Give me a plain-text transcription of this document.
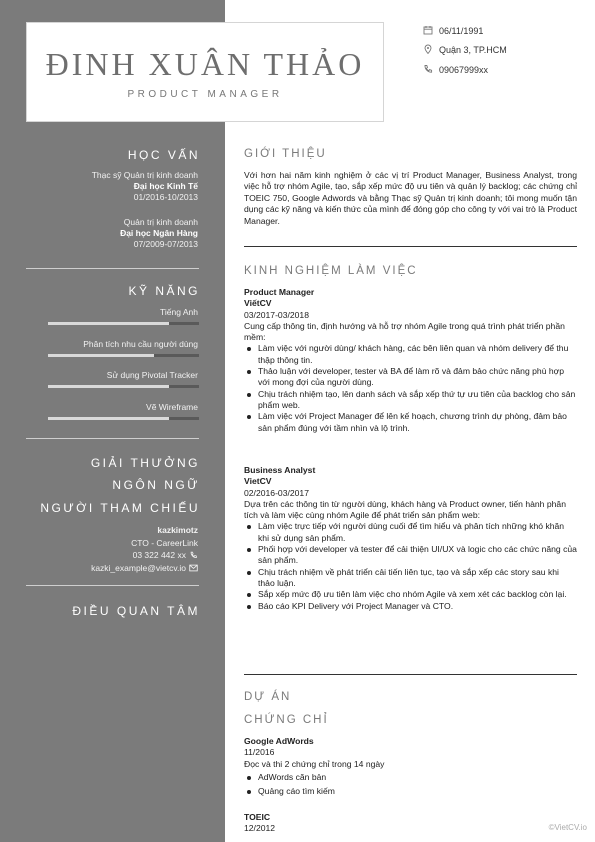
ĐINH XUÂN THẢO
PRODUCT MANAGER
06/11/1991
Quận 3, TP.HCM
09067999xx
HỌC VẤN
Thạc sỹ Quản trị kinh doanh
Đại học Kinh Tế
01/2016-10/2013
Quản trị kinh doanh
Đại học Ngân Hàng
07/2009-07/2013
KỸ NĂNG
Tiếng Anh
Phân tích nhu cầu người dùng
Sử dụng Pivotal Tracker
Vẽ Wireframe
GIẢI THƯỞNG
NGÔN NGỮ
NGƯỜI THAM CHIẾU
kazkimotz
CTO - CareerLink
03 322 442 xx
kazki_example@vietcv.io
ĐIỀU QUAN TÂM
GIỚI THIỆU
Với hơn hai năm kinh nghiệm ở các vị trí Product Manager, Business Analyst, trong việc hỗ trợ nhóm Agile, tạo, sắp xếp mức độ ưu tiên và quản lý backlog; các chứng chỉ TOEIC 750, Google Adwords và bằng Thạc sỹ Quản trị kinh doanh; tôi mong muốn tận dụng các kỹ năng và kiến thức của mình để đóng góp cho công ty với vai trò là Product Manager.
KINH NGHIỆM LÀM VIỆC
Product Manager
ViếtCV
03/2017-03/2018
Cung cấp thông tin, định hướng và hỗ trợ nhóm Agile trong quá trình phát triển phần mềm:
Làm việc với người dùng/ khách hàng, các bên liên quan và nhóm delivery để thu thập thông tin.
Thảo luận với developer, tester và BA để làm rõ và đảm bảo chức năng phù hợp với mong đợi của người dùng.
Chịu trách nhiệm tạo, lên danh sách và sắp xếp thứ tự ưu tiên của backlog cho sản phẩm web.
Làm việc với Project Manager để lên kế hoạch, chương trình dự phòng, đảm bảo sản phẩm đúng với tầm nhìn và lộ trình.
Business Analyst
VietCV
02/2016-03/2017
Dựa trên các thông tin từ người dùng, khách hàng và Product owner, tiến hành phân tích và làm việc cùng nhóm Agile để phát triển sản phẩm web:
Làm việc trực tiếp với người dùng cuối để tìm hiểu và phân tích những khó khăn khi sử dụng sản phẩm.
Phối hợp với developer và tester để cải thiện UI/UX và logic cho các chức năng của sản phẩm.
Chịu trách nhiệm về phát triển cải tiến liên tục, tạo và sắp xếp các story sau khi thảo luận.
Sắp xếp mức độ ưu tiên làm việc cho nhóm Agile và xem xét các backlog còn lại.
Báo cáo KPI Delivery với Project Manager và CTO.
DỰ ÁN
CHỨNG CHỈ
Google AdWords
11/2016
Đọc và thi 2 chứng chỉ trong 14 ngày
AdWords căn bản
Quảng cáo tìm kiếm
TOEIC
12/2012	©VietCV.io
